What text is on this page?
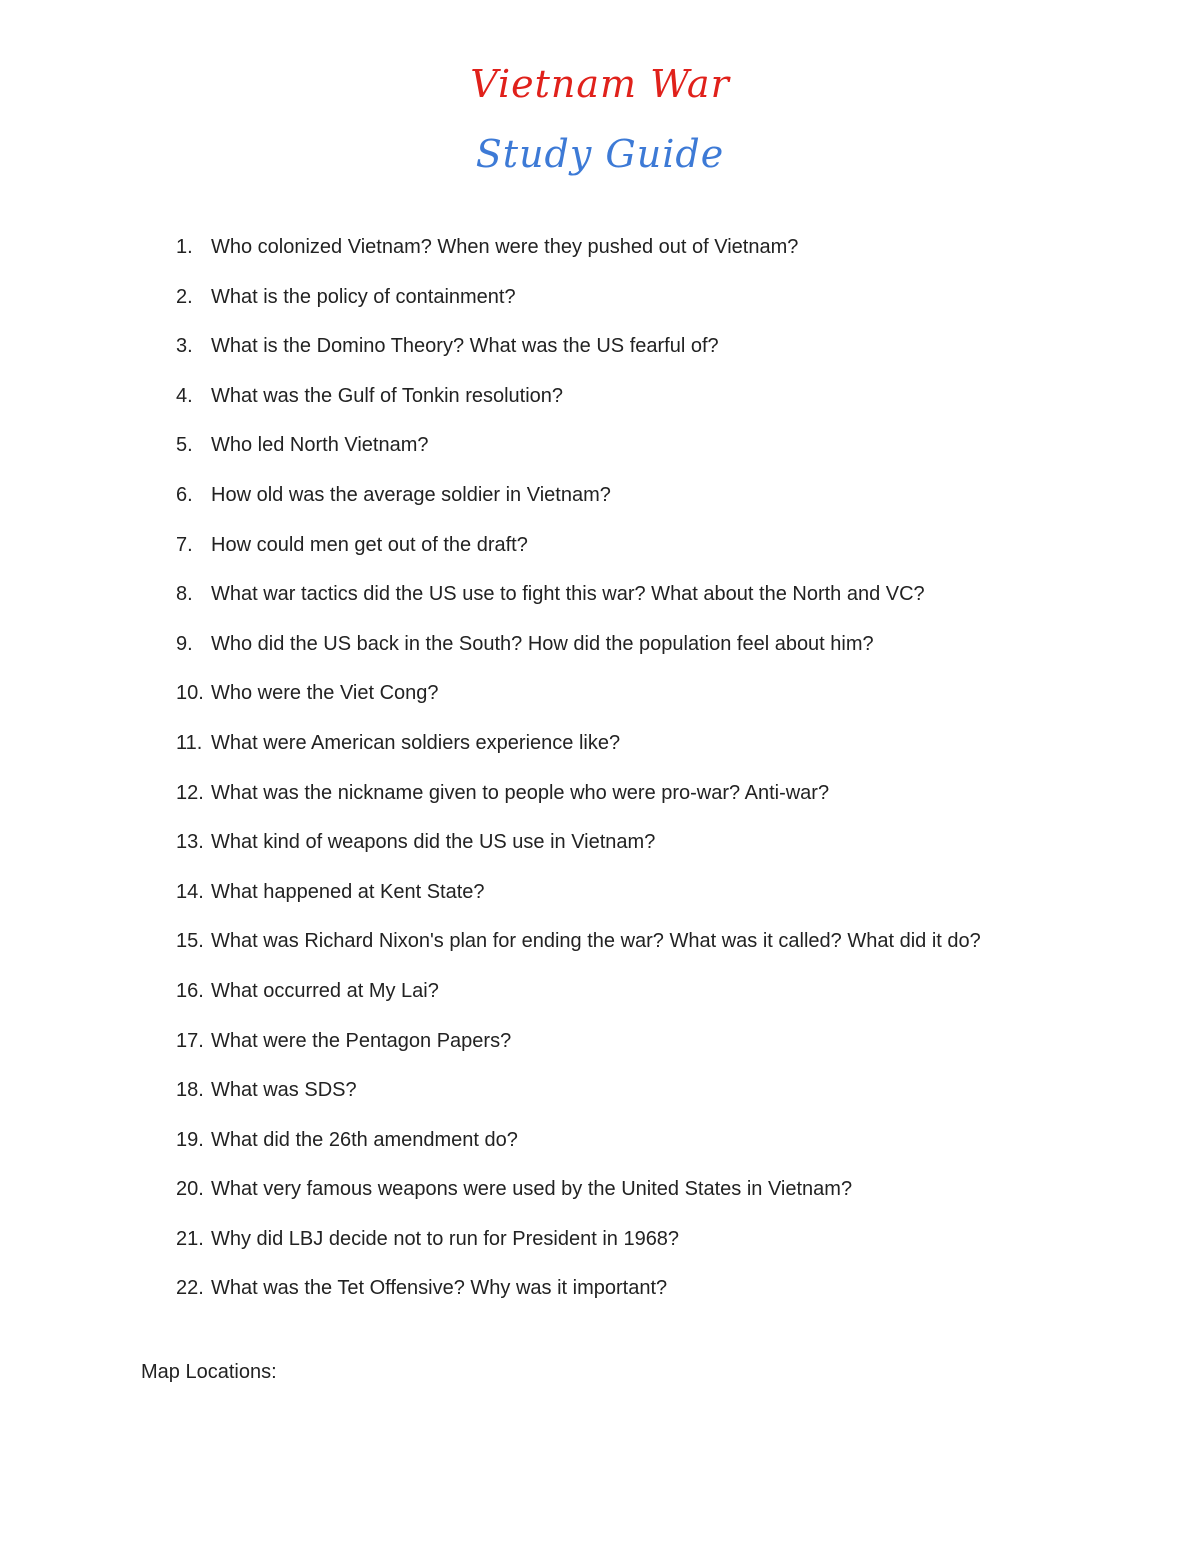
Vietnam War
Study Guide
1. Who colonized Vietnam? When were they pushed out of Vietnam?
2. What is the policy of containment?
3. What is the Domino Theory? What was the US fearful of?
4. What was the Gulf of Tonkin resolution?
5. Who led North Vietnam?
6. How old was the average soldier in Vietnam?
7. How could men get out of the draft?
8. What war tactics did the US use to fight this war? What about the North and VC?
9. Who did the US back in the South? How did the population feel about him?
10. Who were the Viet Cong?
11. What were American soldiers experience like?
12. What was the nickname given to people who were pro-war? Anti-war?
13. What kind of weapons did the US use in Vietnam?
14. What happened at Kent State?
15. What was Richard Nixon's plan for ending the war? What was it called? What did it do?
16. What occurred at My Lai?
17. What were the Pentagon Papers?
18. What was SDS?
19. What did the 26th amendment do?
20. What very famous weapons were used by the United States in Vietnam?
21. Why did LBJ decide not to run for President in 1968?
22. What was the Tet Offensive? Why was it important?
Map Locations:
